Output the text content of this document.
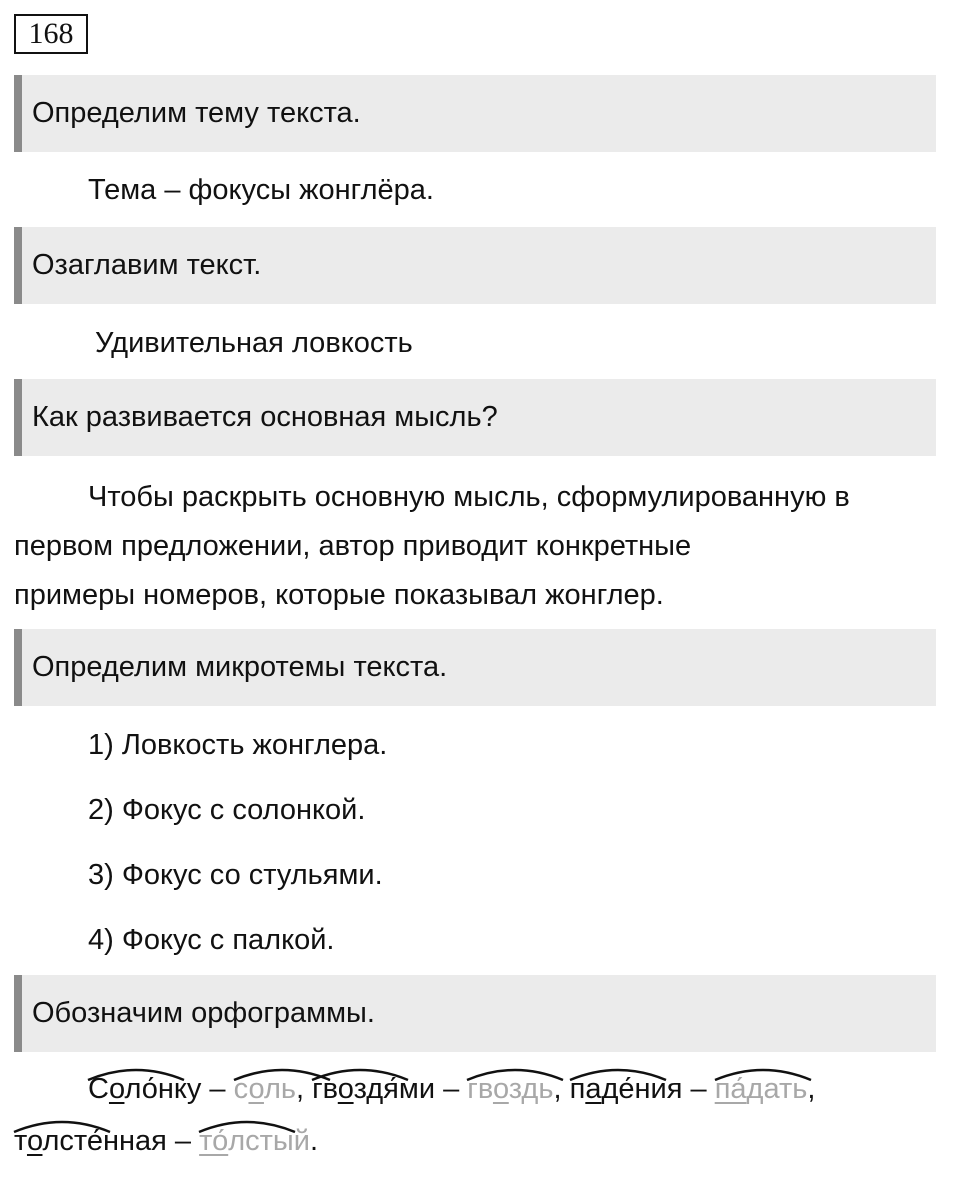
168
Определим тему текста.
Тема – фокусы жонглёра.
Озаглавим текст.
Удивительная ловкость
Как развивается основная мысль?
Чтобы раскрыть основную мысль, сформулированную в
первом предложении, автор приводит конкретные
примеры номеров, которые показывал жонглер.
Определим микротемы текста.
1) Ловкость жонглера.
2) Фокус с солонкой.
3) Фокус со стульями.
4) Фокус с палкой.
Обозначим орфограммы.
Соло́нку –
соль, гвоздя́ми –
гвоздь, паде́ния –
па́дать,
толсте́нная –
то́лстый.
